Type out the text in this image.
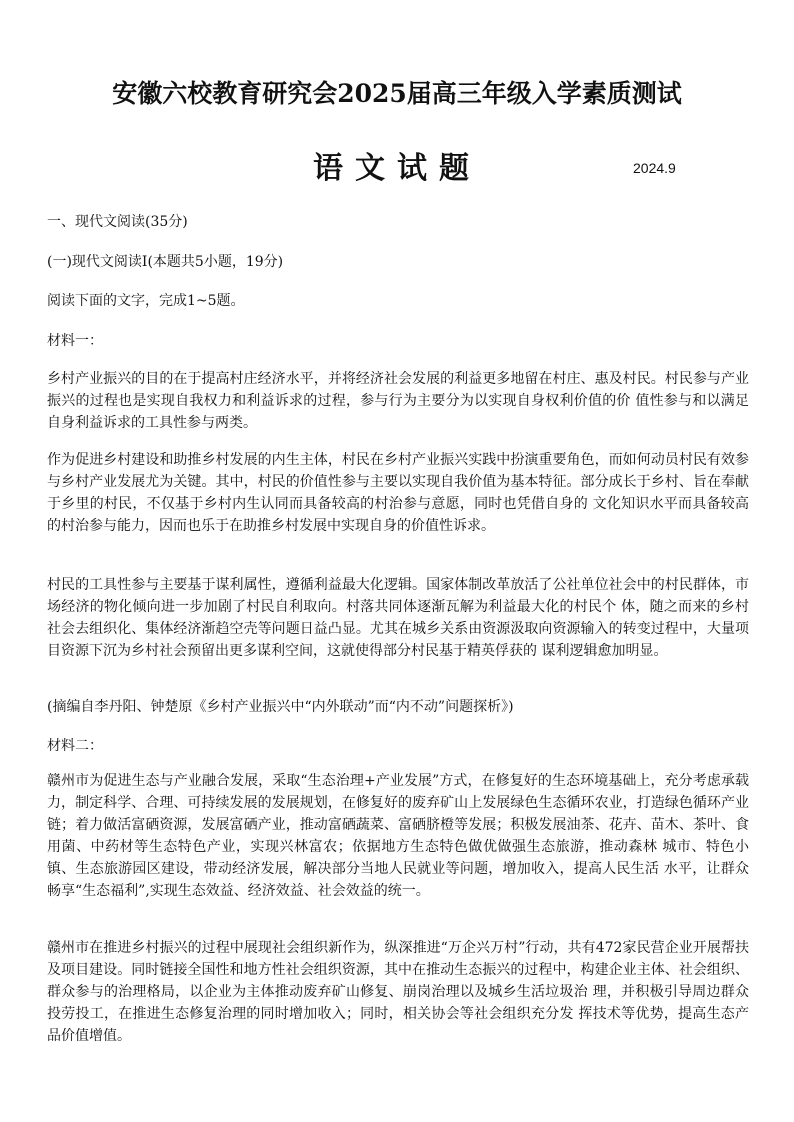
安徽六校教育研究会2025届高三年级入学素质测试
语文试题	2024.9
一、现代文阅读(35分)
(一)现代文阅读I(本题共5小题，19分)
阅读下面的文字，完成1~5题。
材料一：
乡村产业振兴的目的在于提高村庄经济水平，并将经济社会发展的利益更多地留在村庄、惠及村民。村民参与产业振兴的过程也是实现自我权力和利益诉求的过程，参与行为主要分为以实现自身权利价值的价 值性参与和以满足自身利益诉求的工具性参与两类。
作为促进乡村建设和助推乡村发展的内生主体，村民在乡村产业振兴实践中扮演重要角色，而如何动员村民有效参与乡村产业发展尤为关键。其中，村民的价值性参与主要以实现自我价值为基本特征。部分成长于乡村、旨在奉献于乡里的村民，不仅基于乡村内生认同而具备较高的村治参与意愿，同时也凭借自身的 文化知识水平而具备较高的村治参与能力，因而也乐于在助推乡村发展中实现自身的价值性诉求。
村民的工具性参与主要基于谋利属性，遵循利益最大化逻辑。国家体制改革放活了公社单位社会中的村民群体，市场经济的物化倾向进一步加剧了村民自利取向。村落共同体逐渐瓦解为利益最大化的村民个 体，随之而来的乡村社会去组织化、集体经济渐趋空壳等问题日益凸显。尤其在城乡关系由资源汲取向资源输入的转变过程中，大量项目资源下沉为乡村社会预留出更多谋利空间，这就使得部分村民基于精英俘获的 谋利逻辑愈加明显。
(摘编自李丹阳、钟楚原《乡村产业振兴中“内外联动”而“内不动”问题探析》)
材料二：
赣州市为促进生态与产业融合发展，采取“生态治理+产业发展”方式，在修复好的生态环境基础上，充分考虑承载力，制定科学、合理、可持续发展的发展规划，在修复好的废弃矿山上发展绿色生态循环农业，打造绿色循环产业链；着力做活富硒资源，发展富硒产业，推动富硒蔬菜、富硒脐橙等发展；积极发展油茶、花卉、苗木、茶叶、食用菌、中药材等生态特色产业，实现兴林富农；依据地方生态特色做优做强生态旅游，推动森林 城市、特色小镇、生态旅游园区建设，带动经济发展，解决部分当地人民就业等问题，增加收入，提高人民生活 水平，让群众畅享“生态福利”,实现生态效益、经济效益、社会效益的统一。
赣州市在推进乡村振兴的过程中展现社会组织新作为，纵深推进“万企兴万村”行动，共有472家民营企业开展帮扶及项目建设。同时链接全国性和地方性社会组织资源，其中在推动生态振兴的过程中，构建企业主体、社会组织、群众参与的治理格局，以企业为主体推动废弃矿山修复、崩岗治理以及城乡生活垃圾治 理，并积极引导周边群众投劳投工，在推进生态修复治理的同时增加收入；同时，相关协会等社会组织充分发 挥技术等优势，提高生态产品价值增值。
